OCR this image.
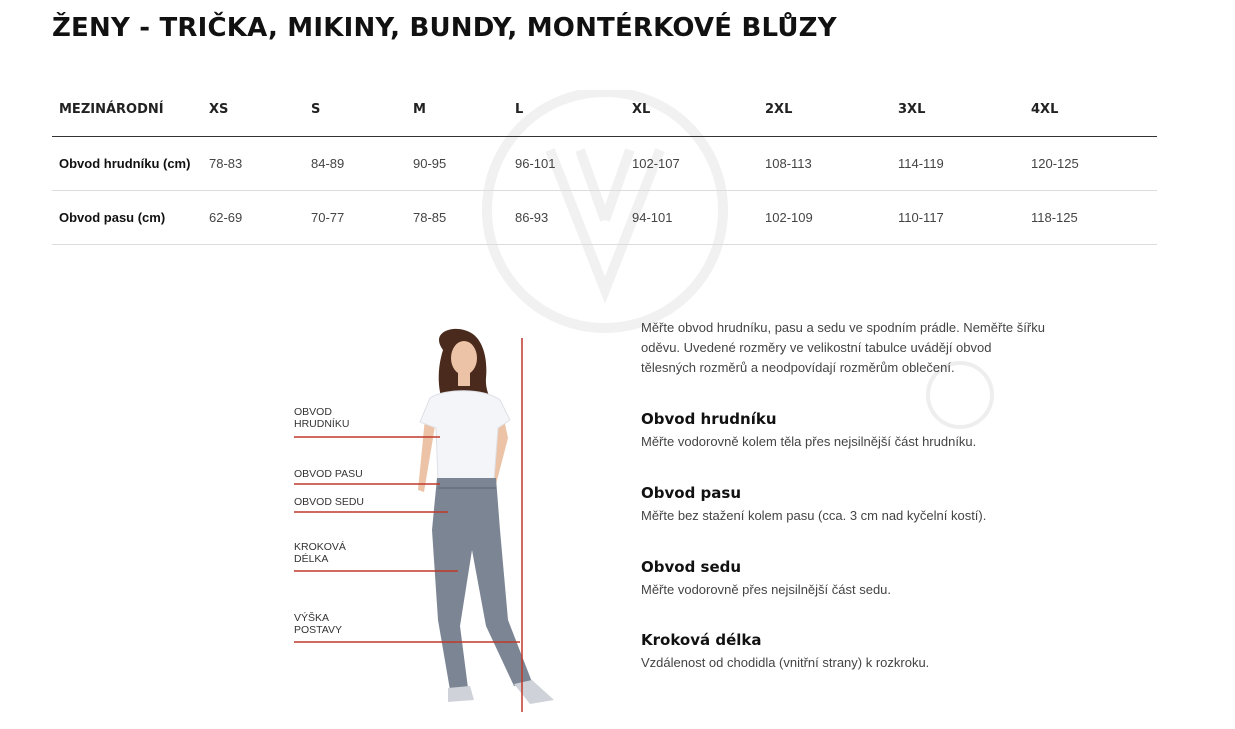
ŽENY - TRIČKA, MIKINY, BUNDY, MONTÉRKOVÉ BLŮZY
MEZINÁRODNÍ	XS	S	M	L	XL	2XL	3XL	4XL
Obvod hrudníku (cm)	78-83	84-89	90-95	96-101	102-107	108-113	114-119	120-125
Obvod pasu (cm)	62-69	70-77	78-85	86-93	94-101	102-109	110-117	118-125
OBVOD HRUDNÍKU
OBVOD PASU
OBVOD SEDU
KROKOVÁ DÉLKA
VÝŠKA POSTAVY

Měřte obvod hrudníku, pasu a sedu ve spodním prádle. Neměřte šířku oděvu. Uvedené rozměry ve velikostní tabulce uvádějí obvod tělesných rozměrů a neodpovídají rozměrům oblečení.

Obvod hrudníku

Měřte vodorovně kolem těla přes nejsilnější část hrudníku.

Obvod pasu

Měřte bez stažení kolem pasu (cca. 3 cm nad kyčelní kostí).

Obvod sedu

Měřte vodorovně přes nejsilnější část sedu.

Kroková délka

Vzdálenost od chodidla (vnitřní strany) k rozkroku.
